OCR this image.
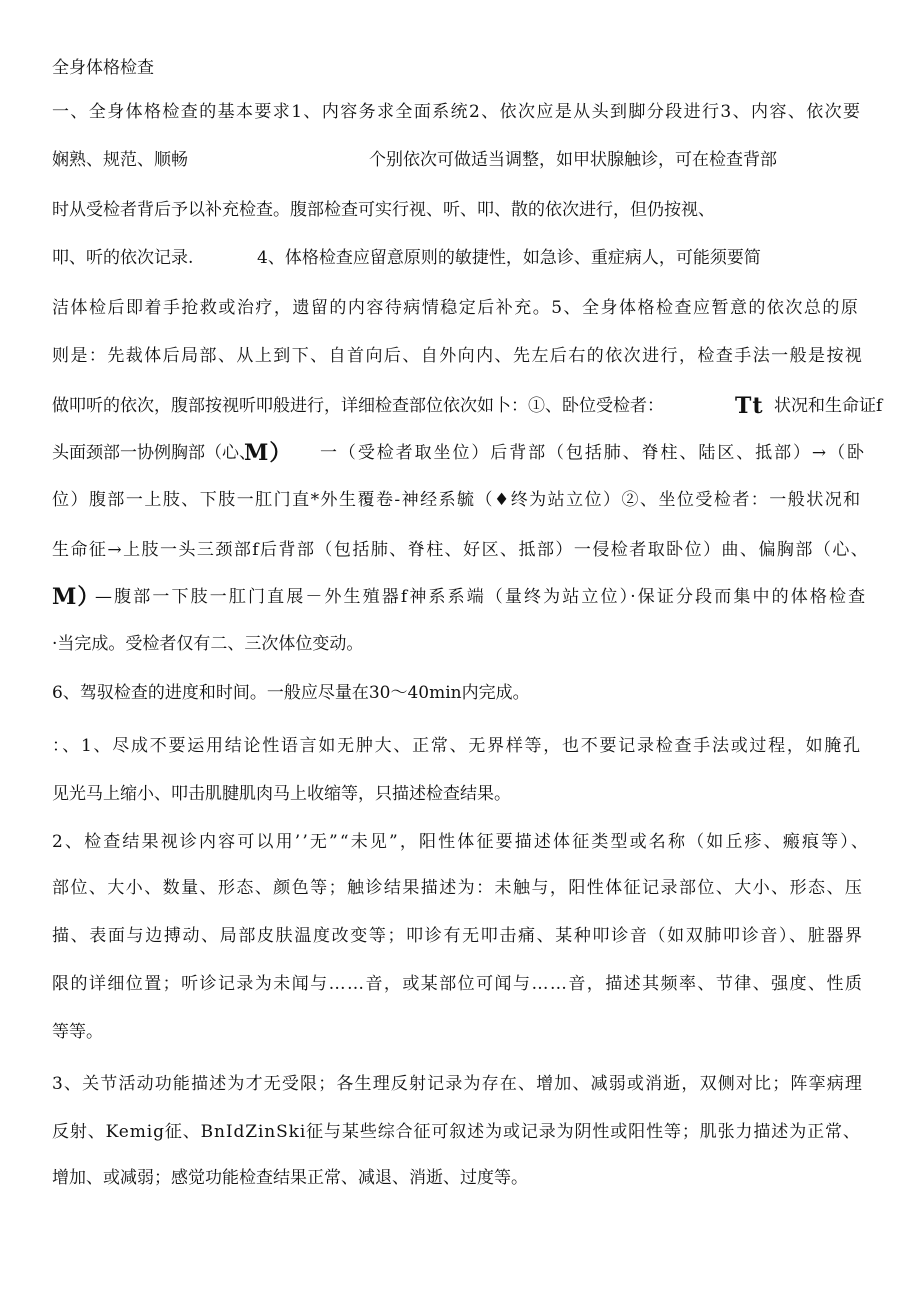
全身体格检查
一、全身体格检查的基本要求1、内容务求全面系统2、依次应是从头到脚分段进行3、内容、依次要
娴熟、规范、顺畅	个别依次可做适当调整，如甲状腺触诊，可在检查背部
时从受检者背后予以补充检查。腹部检查可实行视、听、叩、散的依次进行，但仍按视、
叩、听的依次记录.	4、体格检查应留意原则的敏捷性，如急诊、重症病人，可能须要简
洁体检后即着手抢救或治疗，遗留的内容待病情稳定后补充。5、全身体格检查应暂意的依次总的原
则是：先裁体后局部、从上到下、自首向后、自外向内、先左后右的依次进行，检查手法一般是按视
做叩听的依次，腹部按视听叩般进行，详细检查部位依次如卜：①、卧位受检者：	Tt 状况和生命证f
头面颈部一协例胸部（心、
M） 一（受检者取坐位）后背部（包括肺、脊柱、陆区、抵部）→（卧
位）腹部一上肢、下肢一肛门直*外生覆卷-神经系毓（♦终为站立位）②、坐位受检者：一般状况和
生命征→上肢一头三颈部f后背部（包括肺、脊柱、好区、抵部）一侵检者取卧位）曲、偏胸部（心、
M）
—腹部一下肢一肛门直展－外生殖器f神系系端（量终为站立位）·保证分段而集中的体格检查
·当完成。受检者仅有二、三次体位变动。
6、驾驭检查的进度和时间。一般应尽量在30～40min内完成。
：、1、尽成不要运用结论性语言如无肿大、正常、无界样等，也不要记录检查手法或过程，如腌孔
见光马上缩小、叩击肌腱肌肉马上收缩等，只描述检查结果。
2、检查结果视诊内容可以用’’无”“未见”，阳性体征要描述体征类型或名称（如丘疹、瘢痕等）、
部位、大小、数量、形态、颜色等；触诊结果描述为：未触与，阳性体征记录部位、大小、形态、压
描、表面与边搏动、局部皮肤温度改变等；叩诊有无叩击痛、某种叩诊音（如双肺叩诊音）、脏器界
限的详细位置；听诊记录为未闻与……音，或某部位可闻与……音，描述其频率、节律、强度、性质
等等。
3、关节活动功能描述为才无受限；各生理反射记录为存在、增加、减弱或消逝，双侧对比；阵挛病理
反射、Kemig征、BnIdZinSki征与某些综合征可叙述为或记录为阴性或阳性等；肌张力描述为正常、
增加、或减弱；感觉功能检查结果正常、减退、消逝、过度等。
